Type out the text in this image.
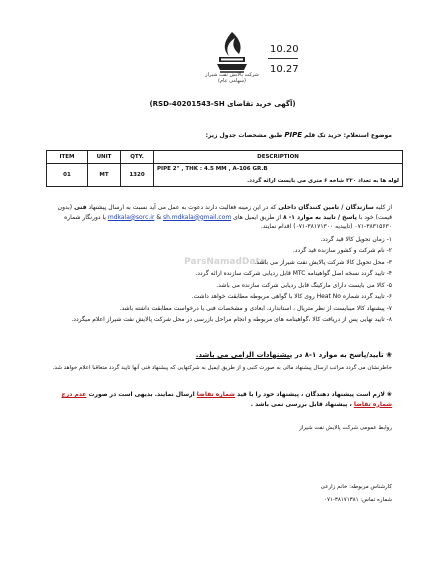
شرکت پالایش نفت شیراز (سهامی عام)
10.20
10.27
(آگهی خرید تقاضای RSD-40201543-SH)
موضوع استعلام: خرید تک قلم PIPE طبق مشخصات جدول زیر:
ITEM	UNIT	QTY.	DESCRIPTION
01	MT	1320	PIPE 2" , THK : 4.5 MM , A-106 GR.B
لوله ها به تعداد ۲۲۰ شاخه ۶ متری می بایست ارائه گردد.
ParsNamadData

از کلیه سازندگان / تامین کنندگان داخلی که در این زمینه فعالیت دارند دعوت به عمل می آید نسبت به ارسال پیشنهاد فنی (بدون قیمت) خود با پاسخ / تایید به موارد ۱- ۸ از طریق ایمیل های mdkala@sorc.ir & sh.mdkala@gmail.com یا دورنگار شماره ۳۸۳۱۵۶۳۰-۰۷۱ (تاییدیه ۳۸۱۷۱۳۰۰-۰۷۱) اقدام نمایند.

۱- زمان تحویل کالا قید گردد.

۲- نام شرکت و کشور سازنده قید گردد.

۳- محل تحویل کالا شرکت پالایش نفت شیراز می باشد.

۴- تایید گردد نسخه اصل گواهینامه MTC قابل ردیابی شرکت سازنده ارائه گردد.

۵- کالا می بایست دارای مارکینگ قابل ردیابی شرکت سازنده می باشد.

۶- تایید گردد شماره Heat No روی کالا با گواهی مربوطه مطابقت خواهد داشت.

۷- پیشنهاد کالا میبایست از نظر متریال ، استاندارد، ابعادی و مشخصات فنی با درخواست مطابقت داشته باشد.

۸- تایید نهایی پس از دریافت کالا ،گواهینامه های مربوطه و انجام مراحل بازرسی در محل شرکت پالایش نفت شیراز اعلام میگردد.

❀ تایید/پاسخ به موارد ۱-۸ در پیشنهادات الزامی می باشد.
خاطرنشان می گردد مراتب ارسال پیشنهاد مالی به صورت کتبی و از طریق ایمیل به شرکتهایی که پیشنهاد فنی آنها تایید گردد متعاقبا اعلام خواهد شد.
❀ لازم است پیشنهاد دهندگان ، پیشنهاد خود را با قید شماره تقاضا ارسال نمایند. بدیهی است در صورت عدم درج شماره تقاضا ، پیشنهاد قابل بررسی نمی باشد .
روابط عمومی شرکت پالایش نفت شیراز
کارشناس مربوطه: خانم زارعی
شماره تماس: ۳۸۱۷۱۳۸۱-۰۷۱
